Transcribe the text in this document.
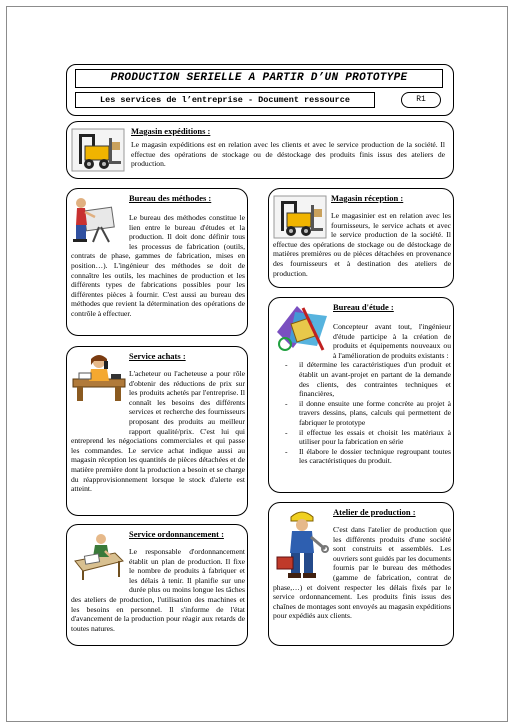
PRODUCTION SERIELLE A PARTIR D’UN PROTOTYPE
Les services de l’entreprise - Document ressource	R1
Magasin expéditions :
Le magasin expéditions est en relation avec les clients et avec le service production de la société. Il effectue des opérations de stockage ou de déstockage des produits finis issus des ateliers de production.
Bureau des méthodes :
Le bureau des méthodes constitue le lien entre le bureau d'études et la production. Il doit donc définir tous les processus de fabrication (outils, contrats de phase, gammes de fabrication, mises en position…). L'ingénieur des méthodes se doit de connaître les outils, les machines de production et les différents types de fabrications possibles pour les différentes pièces à fournir. C'est aussi au bureau des méthodes que revient la détermination des opérations de contrôle à effectuer.
Service achats :
L'acheteur ou l'acheteuse a pour rôle d'obtenir des réductions de prix sur les produits achetés par l'entreprise. Il connaît les besoins des différents services et recherche des fournisseurs proposant des produits au meilleur rapport qualité/prix. C'est lui qui entreprend les négociations commerciales et qui passe les commandes. Le service achat indique aussi au magasin réception les quantités de pièces détachées et de matière première dont la production a besoin et se charge du réapprovisionnement lorsque le stock d'alerte est atteint.
Service ordonnancement :
Le responsable d'ordonnancement établit un plan de production. Il fixe le nombre de produits à fabriquer et les délais à tenir. Il planifie sur une durée plus ou moins longue les tâches des ateliers de production, l'utilisation des machines et les besoins en personnel. Il s'informe de l'état d'avancement de la production pour réagir aux retards de toutes natures.
Magasin réception :
Le magasinier est en relation avec les fournisseurs, le service achats et avec le service production de la société. Il effectue des opérations de stockage ou de déstockage de matières premières ou de pièces détachées en provenance des fournisseurs et à destination des ateliers de production.
Bureau d'étude :
Concepteur avant tout, l'ingénieur d'étude participe à la création de produits et équipements nouveaux ou à l'amélioration de produits existants :
- il détermine les caractéristiques d'un produit et établit un avant-projet en partant de la demande des clients, des contraintes techniques et financières,
- il donne ensuite une forme concrète au projet à travers dessins, plans, calculs qui permettent de fabriquer le prototype
- il effectue les essais et choisit les matériaux à utiliser pour la fabrication en série
- Il élabore le dossier technique regroupant toutes les caractéristiques du produit.
Atelier de production :
C'est dans l'atelier de production que les différents produits d'une société sont construits et assemblés. Les ouvriers sont guidés par les documents fournis par le bureau des méthodes (gamme de fabrication, contrat de phase,…) et doivent respecter les délais fixés par le service ordonnancement. Les produits finis issus des chaînes de montages sont envoyés au magasin expéditions pour expédiés aux clients.
